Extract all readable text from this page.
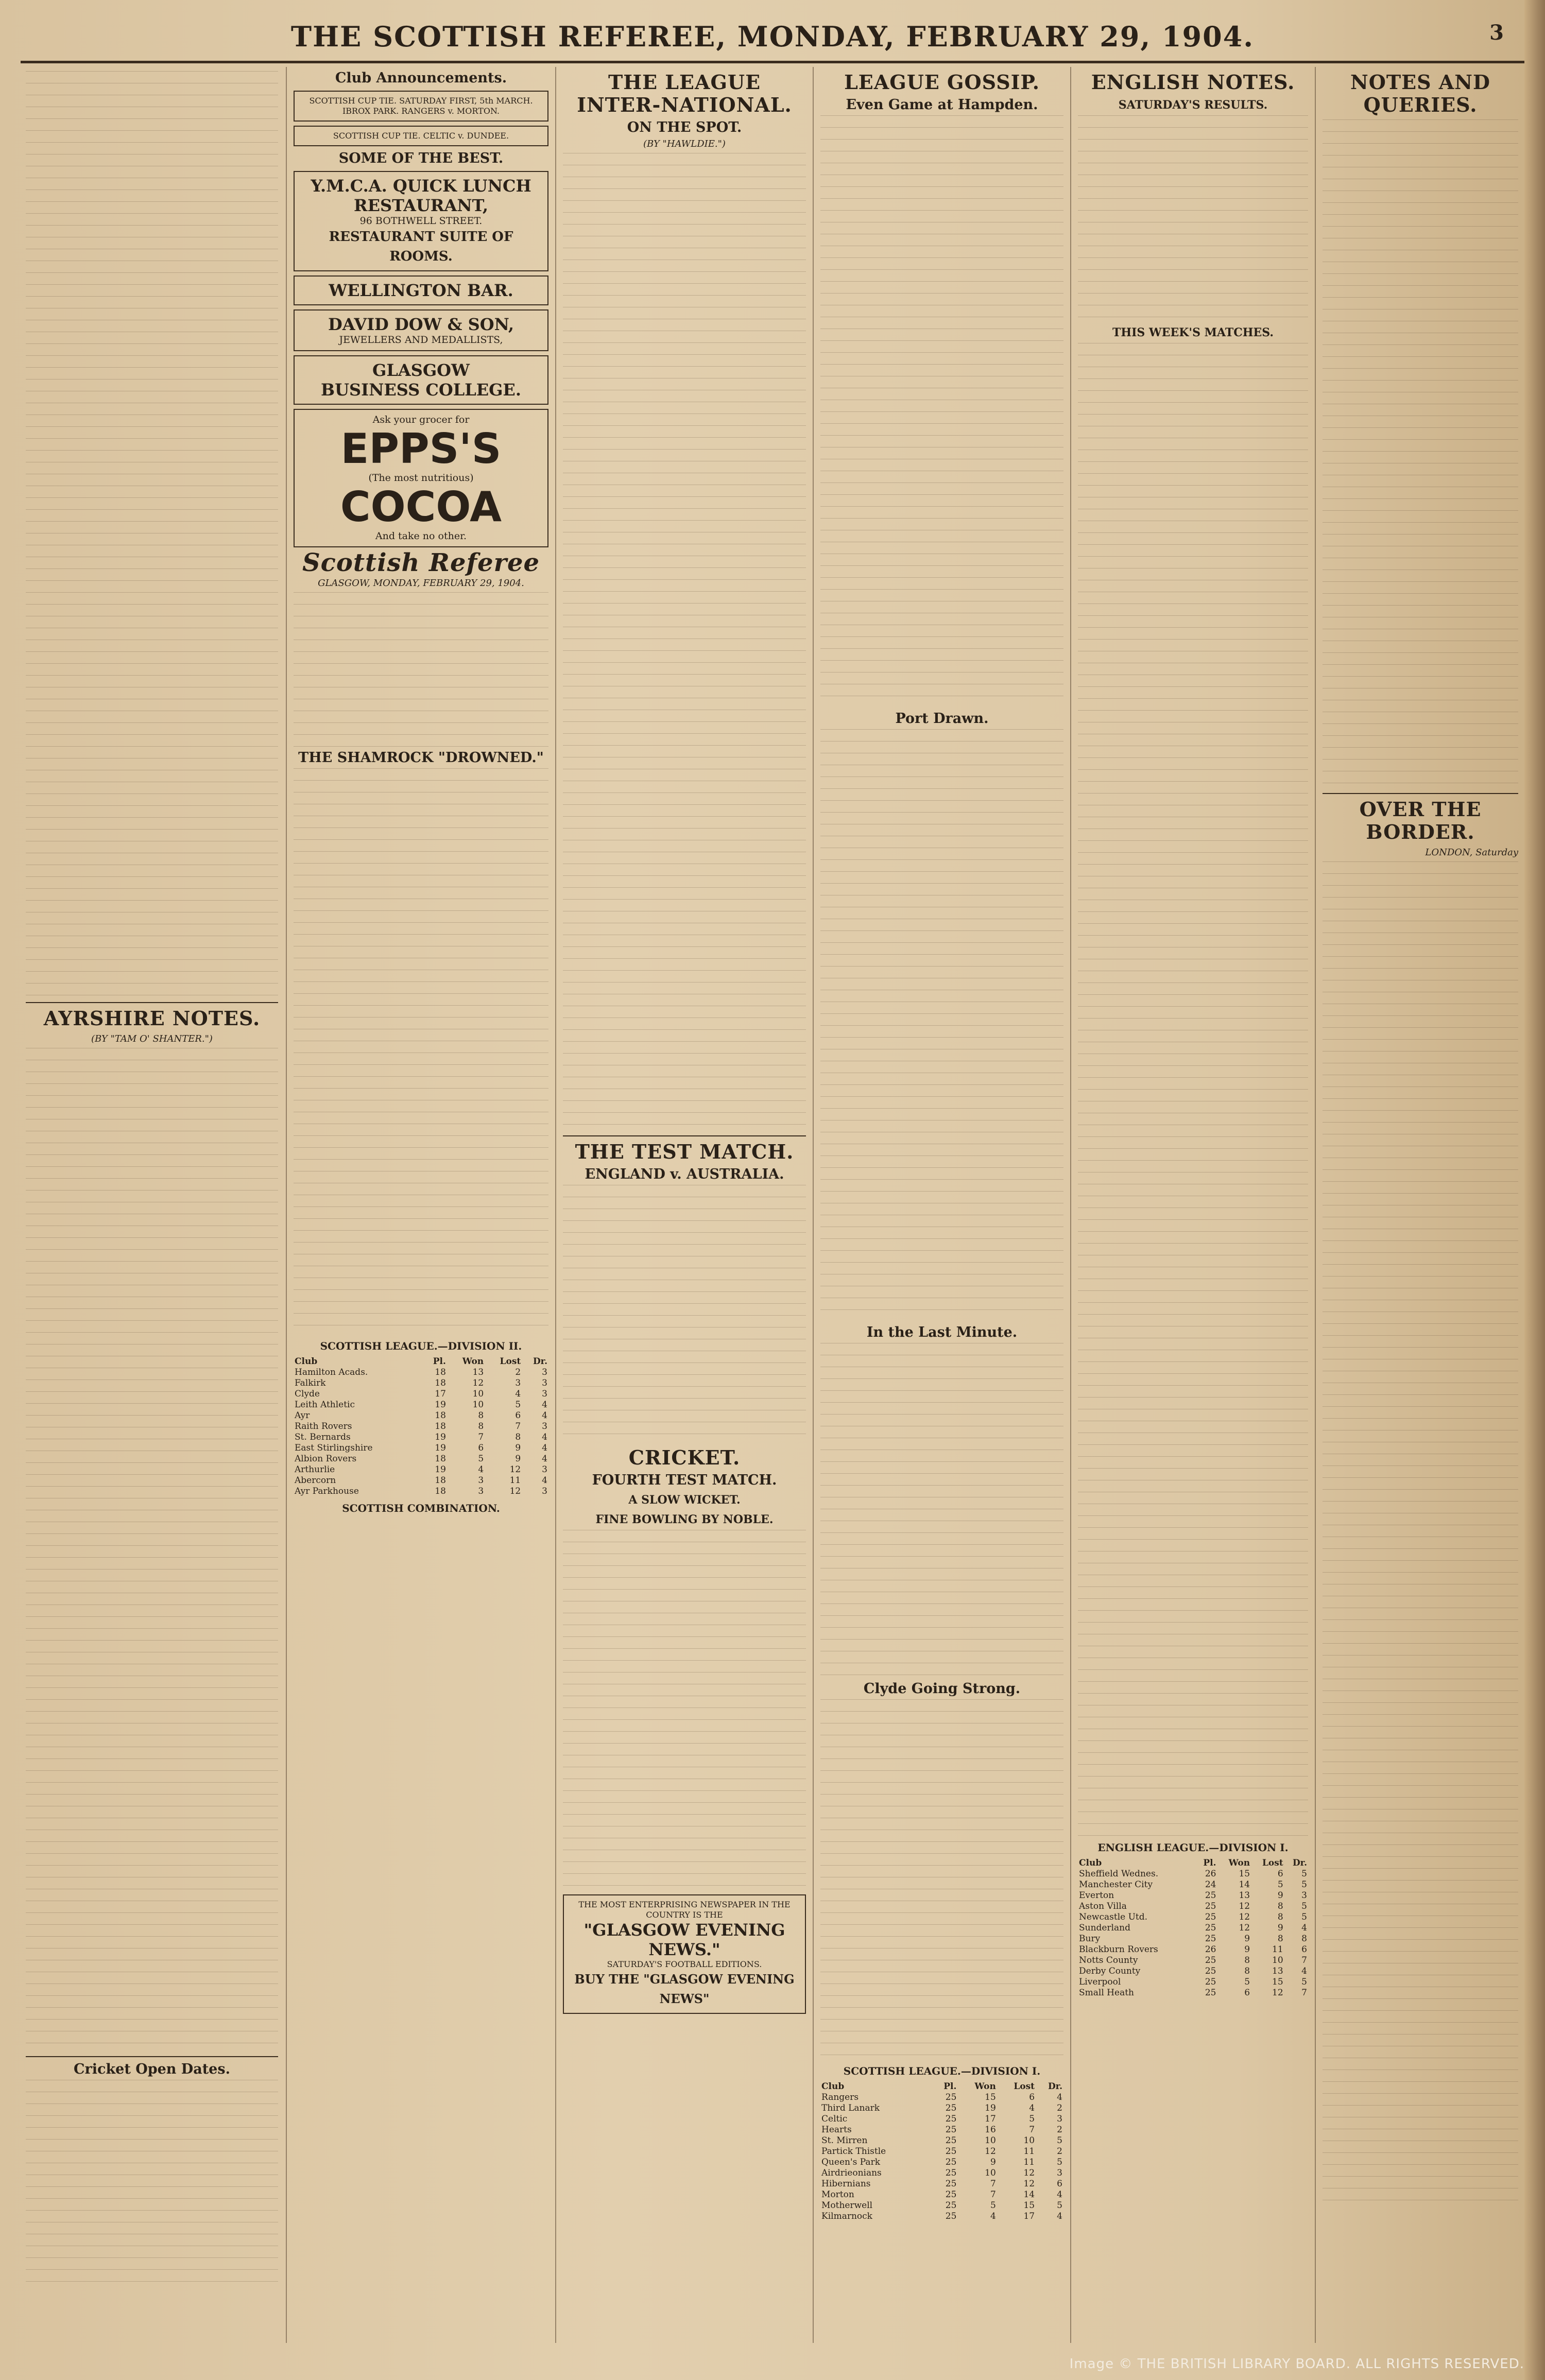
THE SCOTTISH REFEREE, MONDAY, FEBRUARY 29, 1904.	3
AYRSHIRE NOTES.
(BY "TAM O' SHANTER.")
Cricket Open Dates.
Club Announcements.
SCOTTISH CUP TIE. SATURDAY FIRST, 5th MARCH. IBROX PARK. RANGERS v. MORTON.
SCOTTISH CUP TIE. CELTIC v. DUNDEE.
SOME OF THE BEST.
Y.M.C.A. QUICK LUNCH RESTAURANT,
96 BOTHWELL STREET.
RESTAURANT SUITE OF ROOMS.
WELLINGTON BAR.
DAVID DOW & SON,
JEWELLERS AND MEDALLISTS,
GLASGOW
BUSINESS COLLEGE.
Ask your grocer for
EPPS'S
(The most nutritious)
COCOA
And take no other.
Scottish Referee
GLASGOW, MONDAY, FEBRUARY 29, 1904.
THE SHAMROCK "DROWNED."
SCOTTISH LEAGUE.—DIVISION II.
Club	Pl.	Won	Lost	Dr.
Hamilton Acads.	18	13	2	3
Falkirk	18	12	3	3
Clyde	17	10	4	3
Leith Athletic	19	10	5	4
Ayr	18	8	6	4
Raith Rovers	18	8	7	3
St. Bernards	19	7	8	4
East Stirlingshire	19	6	9	4
Albion Rovers	18	5	9	4
Arthurlie	19	4	12	3
Abercorn	18	3	11	4
Ayr Parkhouse	18	3	12	3
SCOTTISH COMBINATION.
THE LEAGUE INTER-NATIONAL.
ON THE SPOT.
(BY "HAWLDIE.")
THE TEST MATCH.
ENGLAND v. AUSTRALIA.
CRICKET.
FOURTH TEST MATCH.
A SLOW WICKET.
FINE BOWLING BY NOBLE.
THE MOST ENTERPRISING NEWSPAPER IN THE COUNTRY IS THE
"GLASGOW EVENING NEWS."
SATURDAY'S FOOTBALL EDITIONS.
BUY THE "GLASGOW EVENING NEWS"
LEAGUE GOSSIP.
Even Game at Hampden.
Port Drawn.
In the Last Minute.
Clyde Going Strong.
SCOTTISH LEAGUE.—DIVISION I.
Club	Pl.	Won	Lost	Dr.
Rangers	25	15	6	4
Third Lanark	25	19	4	2
Celtic	25	17	5	3
Hearts	25	16	7	2
St. Mirren	25	10	10	5
Partick Thistle	25	12	11	2
Queen's Park	25	9	11	5
Airdrieonians	25	10	12	3
Hibernians	25	7	12	6
Morton	25	7	14	4
Motherwell	25	5	15	5
Kilmarnock	25	4	17	4
ENGLISH NOTES.
SATURDAY'S RESULTS.
THIS WEEK'S MATCHES.
ENGLISH LEAGUE.—DIVISION I.
Club	Pl.	Won	Lost	Dr.
Sheffield Wednes.	26	15	6	5
Manchester City	24	14	5	5
Everton	25	13	9	3
Aston Villa	25	12	8	5
Newcastle Utd.	25	12	8	5
Sunderland	25	12	9	4
Bury	25	9	8	8
Blackburn Rovers	26	9	11	6
Notts County	25	8	10	7
Derby County	25	8	13	4
Liverpool	25	5	15	5
Small Heath	25	6	12	7
NOTES AND QUERIES.
OVER THE BORDER.
LONDON, Saturday
Image © THE BRITISH LIBRARY BOARD. ALL RIGHTS RESERVED.
